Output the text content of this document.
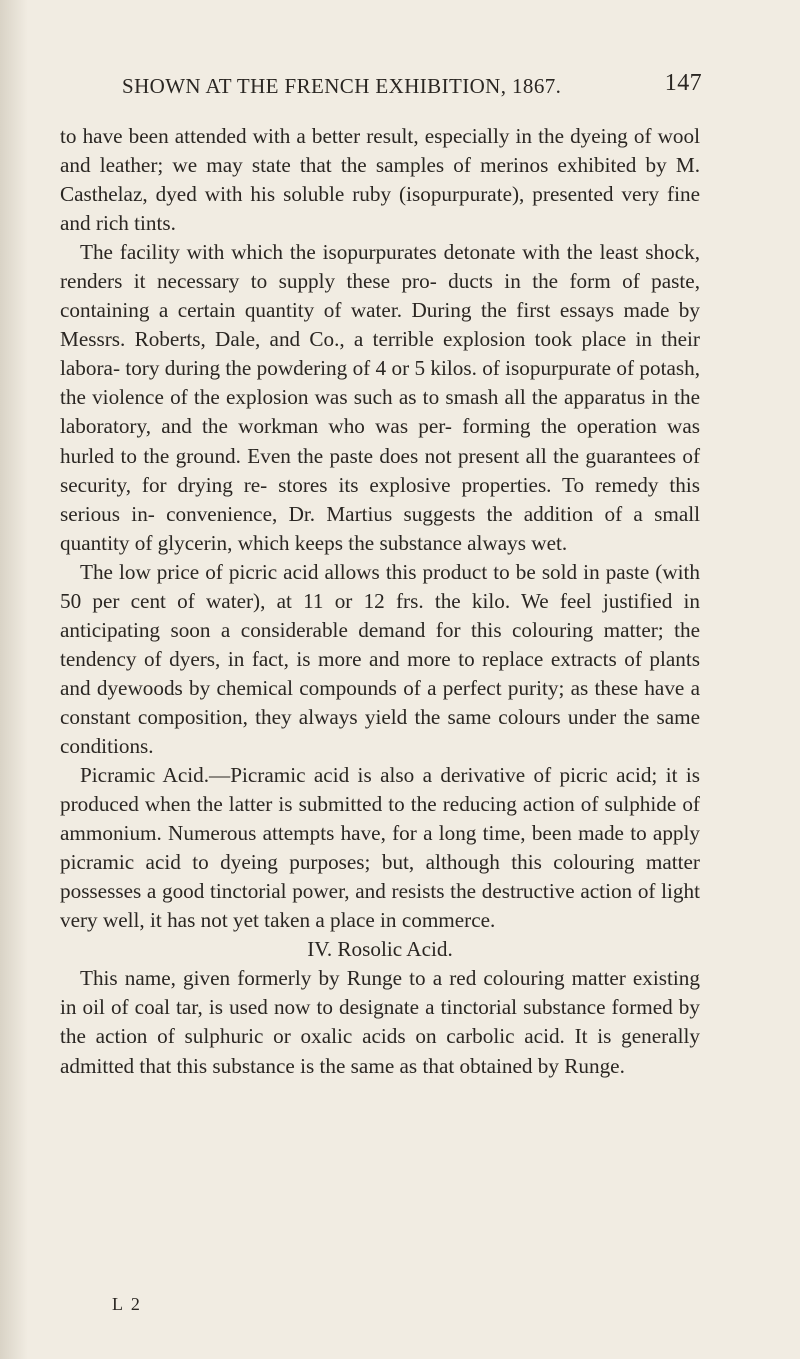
SHOWN AT THE FRENCH EXHIBITION, 1867.	147

to have been attended with a better result, especially in the dyeing of wool and leather; we may state that the samples of merinos exhibited by M. Casthelaz, dyed with his soluble ruby (isopurpurate), presented very fine and rich tints.

The facility with which the isopurpurates detonate with the least shock, renders it necessary to supply these pro- ducts in the form of paste, containing a certain quantity of water. During the first essays made by Messrs. Roberts, Dale, and Co., a terrible explosion took place in their labora- tory during the powdering of 4 or 5 kilos. of isopurpurate of potash, the violence of the explosion was such as to smash all the apparatus in the laboratory, and the workman who was per- forming the operation was hurled to the ground. Even the paste does not present all the guarantees of security, for drying re- stores its explosive properties. To remedy this serious in- convenience, Dr. Martius suggests the addition of a small quantity of glycerin, which keeps the substance always wet.

The low price of picric acid allows this product to be sold in paste (with 50 per cent of water), at 11 or 12 frs. the kilo. We feel justified in anticipating soon a considerable demand for this colouring matter; the tendency of dyers, in fact, is more and more to replace extracts of plants and dyewoods by chemical compounds of a perfect purity; as these have a constant composition, they always yield the same colours under the same conditions.

Picramic Acid.—Picramic acid is also a derivative of picric acid; it is produced when the latter is submitted to the reducing action of sulphide of ammonium. Numerous attempts have, for a long time, been made to apply picramic acid to dyeing purposes; but, although this colouring matter possesses a good tinctorial power, and resists the destructive action of light very well, it has not yet taken a place in commerce.

IV. Rosolic Acid.

This name, given formerly by Runge to a red colouring matter existing in oil of coal tar, is used now to designate a tinctorial substance formed by the action of sulphuric or oxalic acids on carbolic acid. It is generally admitted that this substance is the same as that obtained by Runge.

L 2
